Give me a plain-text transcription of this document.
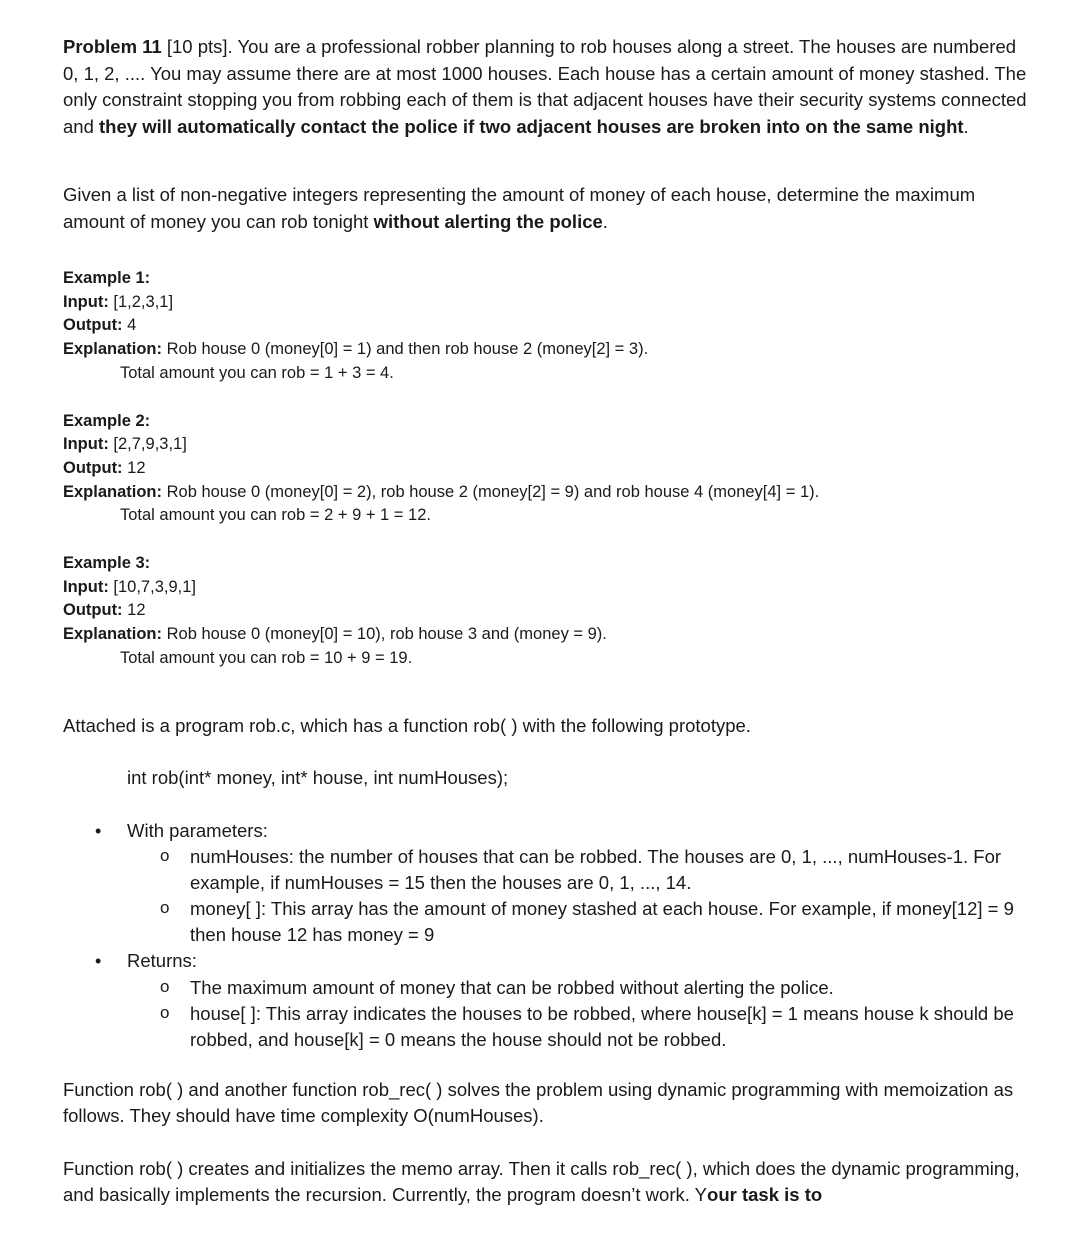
Problem 11 [10 pts]. You are a professional robber planning to rob houses along a street. The houses are numbered 0, 1, 2, .... You may assume there are at most 1000 houses. Each house has a certain amount of money stashed. The only constraint stopping you from robbing each of them is that adjacent houses have their security systems connected and they will automatically contact the police if two adjacent houses are broken into on the same night.

Given a list of non-negative integers representing the amount of money of each house, determine the maximum amount of money you can rob tonight without alerting the police.

Example 1:

Input: [1,2,3,1]

Output: 4

Explanation: Rob house 0 (money[0] = 1) and then rob house 2 (money[2] = 3).

Total amount you can rob = 1 + 3 = 4.

Example 2:

Input: [2,7,9,3,1]

Output: 12

Explanation: Rob house 0 (money[0] = 2), rob house 2 (money[2] = 9) and rob house 4 (money[4] = 1).

Total amount you can rob = 2 + 9 + 1 = 12.

Example 3:

Input: [10,7,3,9,1]

Output: 12

Explanation: Rob house 0 (money[0] = 10), rob house 3 and (money = 9).

Total amount you can rob = 10 + 9 = 19.

Attached is a program rob.c, which has a function rob( ) with the following prototype.

int rob(int* money, int* house, int numHouses);

• With parameters:
o numHouses: the number of houses that can be robbed. The houses are 0, 1, ..., numHouses-1. For example, if numHouses = 15 then the houses are 0, 1, ..., 14.
o money[ ]: This array has the amount of money stashed at each house. For example, if money[12] = 9 then house 12 has money = 9
• Returns:
o The maximum amount of money that can be robbed without alerting the police.
o house[ ]: This array indicates the houses to be robbed, where house[k] = 1 means house k should be robbed, and house[k] = 0 means the house should not be robbed.

Function rob( ) and another function rob_rec( ) solves the problem using dynamic programming with memoization as follows. They should have time complexity O(numHouses).

Function rob( ) creates and initializes the memo array. Then it calls rob_rec( ), which does the dynamic programming, and basically implements the recursion. Currently, the program doesn’t work. Your task is to
